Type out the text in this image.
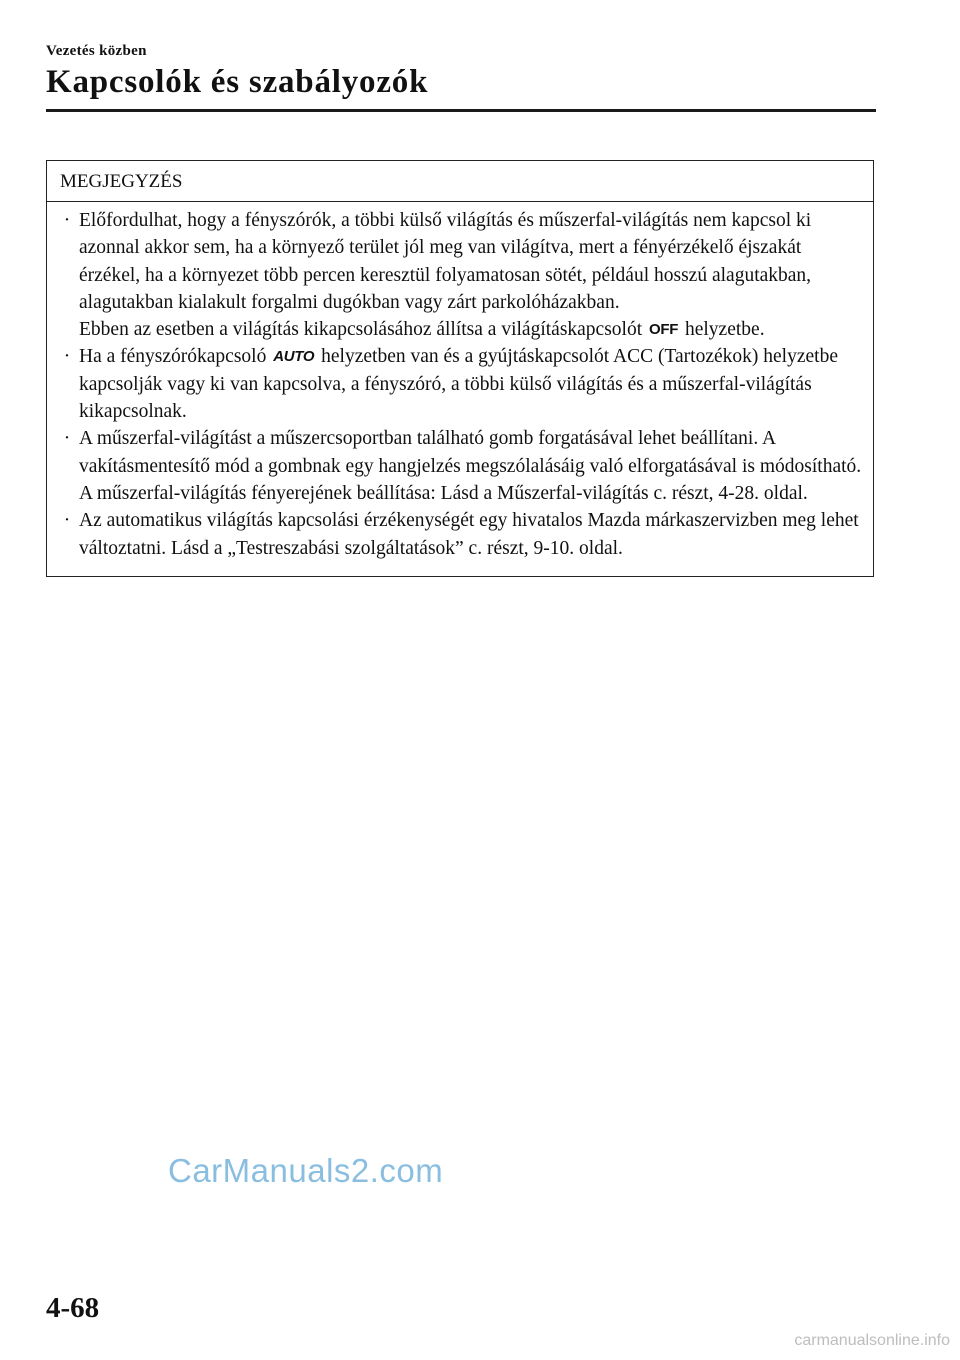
Vezetés közben
Kapcsolók és szabályozók
MEGJEGYZÉS
· Előfordulhat, hogy a fényszórók, a többi külső világítás és műszerfal-világítás nem kapcsol ki azonnal akkor sem, ha a környező terület jól meg van világítva, mert a fényérzékelő éjszakát érzékel, ha a környezet több percen keresztül folyamatosan sötét, például hosszú alagutakban, alagutakban kialakult forgalmi dugókban vagy zárt parkolóházakban.
Ebben az esetben a világítás kikapcsolásához állítsa a világításkapcsolót OFF helyzetbe.
· Ha a fényszórókapcsoló AUTO helyzetben van és a gyújtáskapcsolót ACC (Tartozékok) helyzetbe kapcsolják vagy ki van kapcsolva, a fényszóró, a többi külső világítás és a műszerfal-világítás kikapcsolnak.
· A műszerfal-világítást a műszercsoportban található gomb forgatásával lehet beállítani. A vakításmentesítő mód a gombnak egy hangjelzés megszólalásáig való elforgatásával is módosítható. A műszerfal-világítás fényerejének beállítása: Lásd a Műszerfal-világítás c. részt, 4-28. oldal.
· Az automatikus világítás kapcsolási érzékenységét egy hivatalos Mazda márkaszervizben meg lehet változtatni. Lásd a „Testreszabási szolgáltatások” c. részt, 9-10. oldal.
CarManuals2.com
4-68
carmanualsonline.info
